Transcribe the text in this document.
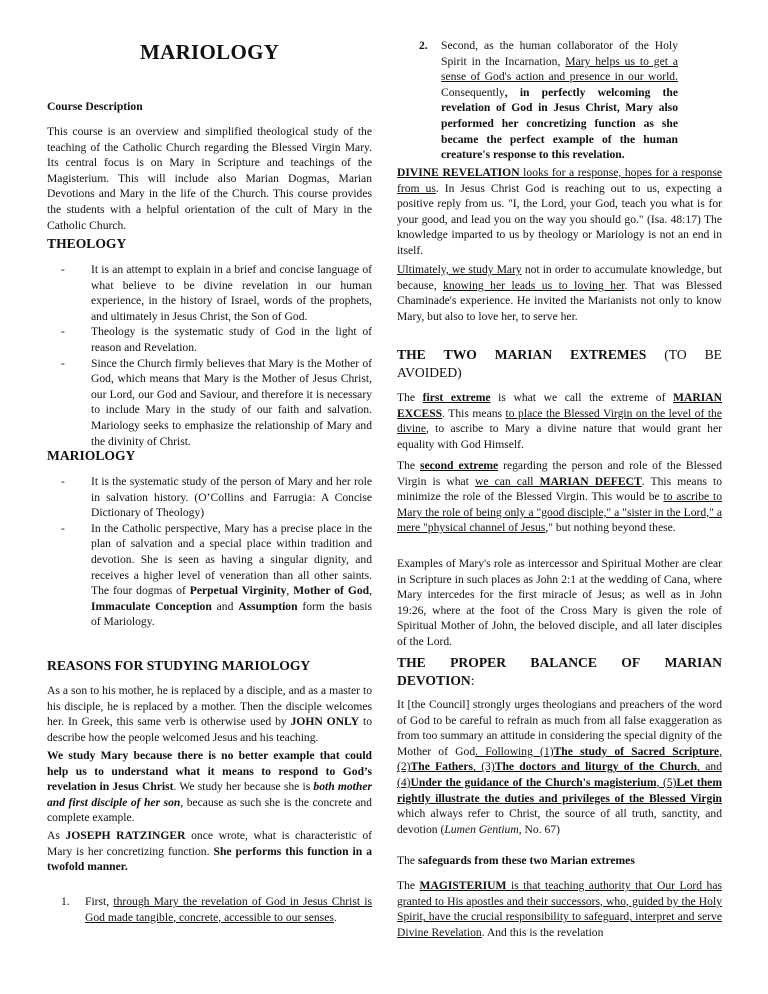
MARIOLOGY
Course Description

This course is an overview and simplified theological study of the teaching of the Catholic Church regarding the Blessed Virgin Mary. Its central focus is on Mary in Scripture and teachings of the Magisterium. This will include also Marian Dogmas, Marian Devotions and Mary in the life of the Church. This course provides the students with a helpful orientation of the cult of Mary in the Catholic Church.

THEOLOGY
- It is an attempt to explain in a brief and concise language of what believe to be divine revelation in our human experience, in the history of Israel, words of the prophets, and ultimately in Jesus Christ, the Son of God.
- Theology is the systematic study of God in the light of reason and Revelation.
- Since the Church firmly believes that Mary is the Mother of God, which means that Mary is the Mother of Jesus Christ, our Lord, our God and Saviour, and therefore it is necessary to include Mary in the study of our faith and salvation. Mariology seeks to emphasize the relationship of Mary and the divinity of Christ.
MARIOLOGY
- It is the systematic study of the person of Mary and her role in salvation history. (O’Collins and Farrugia: A Concise Dictionary of Theology)
- In the Catholic perspective, Mary has a precise place in the plan of salvation and a special place within tradition and devotion. She is seen as having a singular dignity, and receives a higher level of veneration than all other saints. The four dogmas of Perpetual Virginity, Mother of God, Immaculate Conception and Assumption form the basis of Mariology.
REASONS FOR STUDYING MARIOLOGY

As a son to his mother, he is replaced by a disciple, and as a master to his disciple, he is replaced by a mother. Then the disciple welcomes her. In Greek, this same verb is otherwise used by JOHN ONLY to describe how the people welcomed Jesus and his teaching.

We study Mary because there is no better example that could help us to understand what it means to respond to God’s revelation in Jesus Christ. We study her because she is both mother and first disciple of her son, because as such she is the concrete and complete example.

As JOSEPH RATZINGER once wrote, what is characteristic of Mary is her concretizing function. She performs this function in a twofold manner.

1. First, through Mary the revelation of God in Jesus Christ is God made tangible, concrete, accessible to our senses.
2. Second, as the human collaborator of the Holy Spirit in the Incarnation, Mary helps us to get a sense of God's action and presence in our world. Consequently, in perfectly welcoming the revelation of God in Jesus Christ, Mary also performed her concretizing function as she became the perfect example of the human creature's response to this revelation.

DIVINE REVELATION looks for a response, hopes for a response from us. In Jesus Christ God is reaching out to us, expecting a positive reply from us. "I, the Lord, your God, teach you what is for your good, and lead you on the way you should go." (Isa. 48:17) The knowledge imparted to us by theology or Mariology is not an end in itself.

Ultimately, we study Mary not in order to accumulate knowledge, but because, knowing her leads us to loving her. That was Blessed Chaminade's experience. He invited the Marianists not only to know Mary, but also to love her, to serve her.

THE TWO MARIAN EXTREMES (TO BE
AVOIDED)

The first extreme is what we call the extreme of MARIAN EXCESS. This means to place the Blessed Virgin on the level of the divine, to ascribe to Mary a divine nature that would grant her equality with God Himself.

The second extreme regarding the person and role of the Blessed Virgin is what we can call MARIAN DEFECT. This means to minimize the role of the Blessed Virgin. This would be to ascribe to Mary the role of being only a "good disciple," a "sister in the Lord," a mere "physical channel of Jesus," but nothing beyond these.

Examples of Mary's role as intercessor and Spiritual Mother are clear in Scripture in such places as John 2:1 at the wedding of Cana, where Mary intercedes for the first miracle of Jesus; as well as in John 19:26, where at the foot of the Cross Mary is given the role of Spiritual Mother of John, the beloved disciple, and all later disciples of the Lord.

THE PROPER BALANCE OF MARIAN
DEVOTION:

It [the Council] strongly urges theologians and preachers of the word of God to be careful to refrain as much from all false exaggeration as from too summary an attitude in considering the special dignity of the Mother of God. Following (1)The study of Sacred Scripture, (2)The Fathers, (3)The doctors and liturgy of the Church, and (4)Under the guidance of the Church's magisterium, (5)Let them rightly illustrate the duties and privileges of the Blessed Virgin which always refer to Christ, the source of all truth, sanctity, and devotion (Lumen Gentium, No. 67)

The safeguards from these two Marian extremes

The MAGISTERIUM is that teaching authority that Our Lord has granted to His apostles and their successors, who, guided by the Holy Spirit, have the crucial responsibility to safeguard, interpret and serve Divine Revelation. And this is the revelation
